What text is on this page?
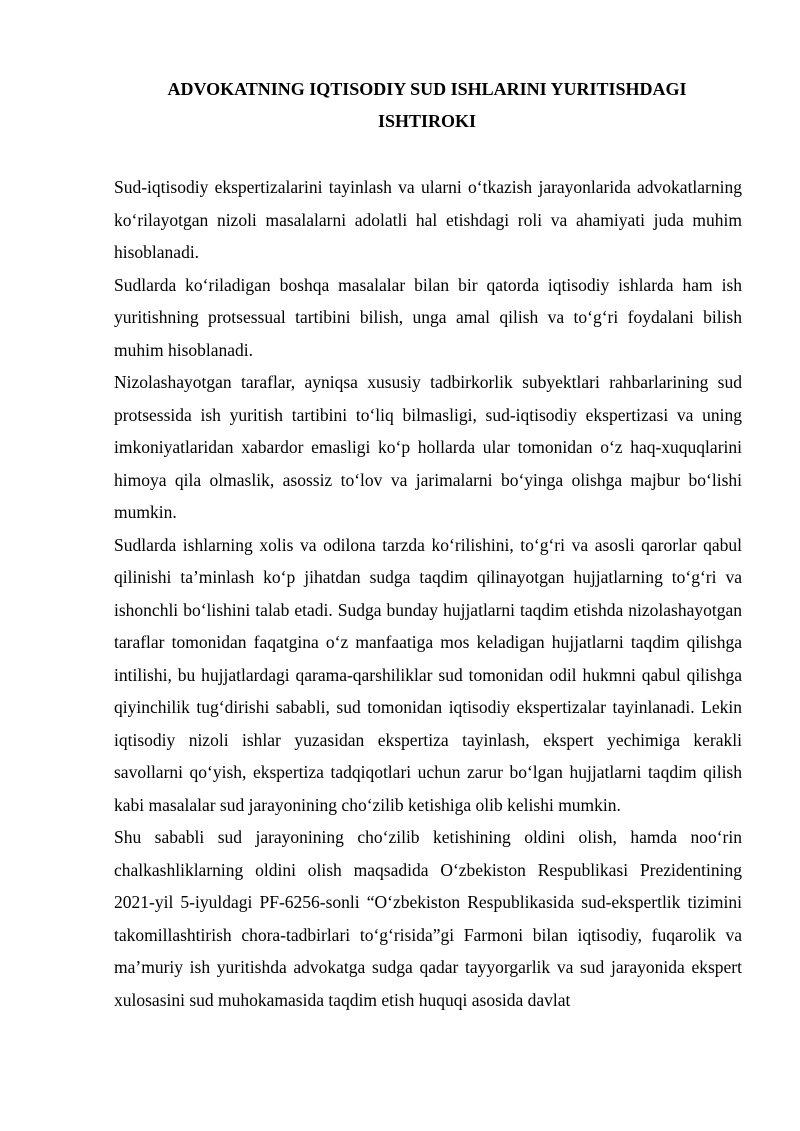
ADVOKATNING IQTISODIY SUD ISHLARINI YURITISHDAGI
ISHTIROKI

Sud-iqtisodiy ekspertizalarini tayinlash va ularni o‘tkazish jarayonlarida advokatlarning ko‘rilayotgan nizoli masalalarni adolatli hal etishdagi roli va ahamiyati juda muhim hisoblanadi.

Sudlarda ko‘riladigan boshqa masalalar bilan bir qatorda iqtisodiy ishlarda ham ish yuritishning protsessual tartibini bilish, unga amal qilish va to‘g‘ri foydalani bilish muhim hisoblanadi.

Nizolashayotgan taraflar, ayniqsa xususiy tadbirkorlik subyektlari rahbarlarining sud protsessida ish yuritish tartibini to‘liq bilmasligi, sud-iqtisodiy ekspertizasi va uning imkoniyatlaridan xabardor emasligi ko‘p hollarda ular tomonidan o‘z haq-xuquqlarini himoya qila olmaslik, asossiz to‘lov va jarimalarni bo‘yinga olishga majbur bo‘lishi mumkin.

Sudlarda ishlarning xolis va odilona tarzda ko‘rilishini, to‘g‘ri va asosli qarorlar qabul qilinishi ta’minlash ko‘p jihatdan sudga taqdim qilinayotgan hujjatlarning to‘g‘ri va ishonchli bo‘lishini talab etadi. Sudga bunday hujjatlarni taqdim etishda nizolashayotgan taraflar tomonidan faqatgina o‘z manfaatiga mos keladigan hujjatlarni taqdim qilishga intilishi, bu hujjatlardagi qarama-qarshiliklar sud tomonidan odil hukmni qabul qilishga qiyinchilik tug‘dirishi sababli, sud tomonidan iqtisodiy ekspertizalar tayinlanadi. Lekin iqtisodiy nizoli ishlar yuzasidan ekspertiza tayinlash, ekspert yechimiga kerakli savollarni qo‘yish, ekspertiza tadqiqotlari uchun zarur bo‘lgan hujjatlarni taqdim qilish kabi masalalar sud jarayonining cho‘zilib ketishiga olib kelishi mumkin.

Shu sababli sud jarayonining cho‘zilib ketishining oldini olish, hamda noo‘rin chalkashliklarning oldini olish maqsadida O‘zbekiston Respublikasi Prezidentining 2021-yil 5-iyuldagi PF-6256-sonli “O‘zbekiston Respublikasida sud-ekspertlik tizimini takomillashtirish chora-tadbirlari to‘g‘risida”gi Farmoni bilan iqtisodiy, fuqarolik va ma’muriy ish yuritishda advokatga sudga qadar tayyorgarlik va sud jarayonida ekspert xulosasini sud muhokamasida taqdim etish huquqi asosida davlat
